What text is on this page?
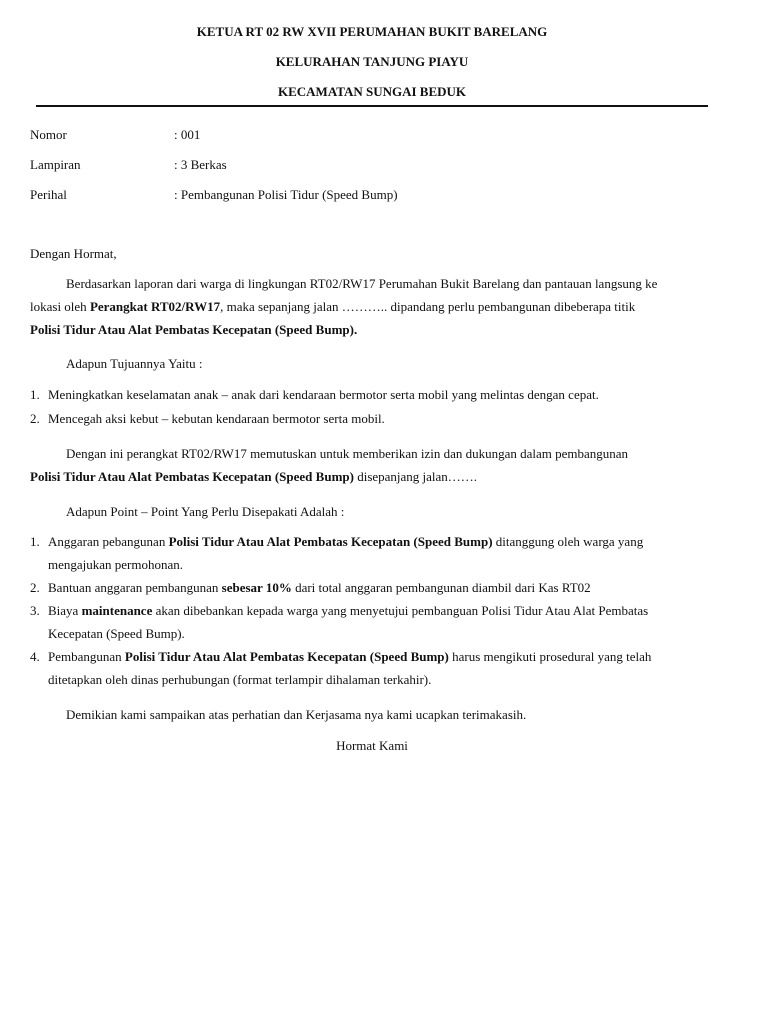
KETUA RT 02 RW XVII PERUMAHAN BUKIT BARELANG
KELURAHAN TANJUNG PIAYU
KECAMATAN SUNGAI BEDUK
Nomor	: 001
Lampiran	: 3 Berkas
Perihal	: Pembangunan Polisi Tidur (Speed Bump)
Dengan Hormat,
Berdasarkan laporan dari warga di lingkungan RT02/RW17 Perumahan Bukit Barelang dan pantauan langsung ke
lokasi oleh Perangkat RT02/RW17, maka sepanjang jalan ……….. dipandang perlu pembangunan dibeberapa titik
Polisi Tidur Atau Alat Pembatas Kecepatan (Speed Bump).
Adapun Tujuannya Yaitu :
1. Meningkatkan keselamatan anak – anak dari kendaraan bermotor serta mobil yang melintas dengan cepat.
2. Mencegah aksi kebut – kebutan kendaraan bermotor serta mobil.
Dengan ini perangkat RT02/RW17 memutuskan untuk memberikan izin dan dukungan dalam pembangunan
Polisi Tidur Atau Alat Pembatas Kecepatan (Speed Bump) disepanjang jalan…….
Adapun Point – Point Yang Perlu Disepakati Adalah :
1. Anggaran pebangunan Polisi Tidur Atau Alat Pembatas Kecepatan (Speed Bump) ditanggung oleh warga yang
mengajukan permohonan.
2. Bantuan anggaran pembangunan sebesar 10% dari total anggaran pembangunan diambil dari Kas RT02
3. Biaya maintenance akan dibebankan kepada warga yang menyetujui pembanguan Polisi Tidur Atau Alat Pembatas
Kecepatan (Speed Bump).
4. Pembangunan Polisi Tidur Atau Alat Pembatas Kecepatan (Speed Bump) harus mengikuti prosedural yang telah
ditetapkan oleh dinas perhubungan (format terlampir dihalaman terkahir).
Demikian kami sampaikan atas perhatian dan Kerjasama nya kami ucapkan terimakasih.
Hormat Kami
